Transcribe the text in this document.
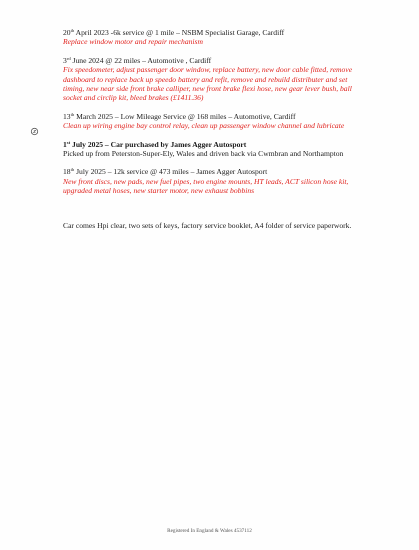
20th April 2023 -6k service @ 1 mile – NSBM Specialist Garage, Cardiff
Replace window motor and repair mechanism
3rd June 2024 @ 22 miles – Automotive , Cardiff
Fix speedometer, adjust passenger door window, replace battery, new door cable fitted, remove dashboard to replace back up speedo battery and refit, remove and rebuild distributer and set timing, new near side front brake calliper, new front brake flexi hose, new gear lever bush, ball socket and circlip kit, bleed brakes (£1411.36)
13th March 2025 – Low Mileage Service @ 168 miles – Automotive, Cardiff
Clean up wiring engine bay control relay, clean up passenger window channel and lubricate
1st July 2025 – Car purchased by James Agger Autosport
Picked up from Peterston-Super-Ely, Wales and driven back via Cwmbran and Northampton
18th July 2025 – 12k service @ 473 miles – James Agger Autosport
New front discs, new pads, new fuel pipes, two engine mounts, HT leads, ACT silicon hose kit, upgraded metal hoses, new starter motor, new exhaust bobbins
Car comes Hpi clear, two sets of keys, factory service booklet, A4 folder of service paperwork.
Registered In England & Wales 4537112
